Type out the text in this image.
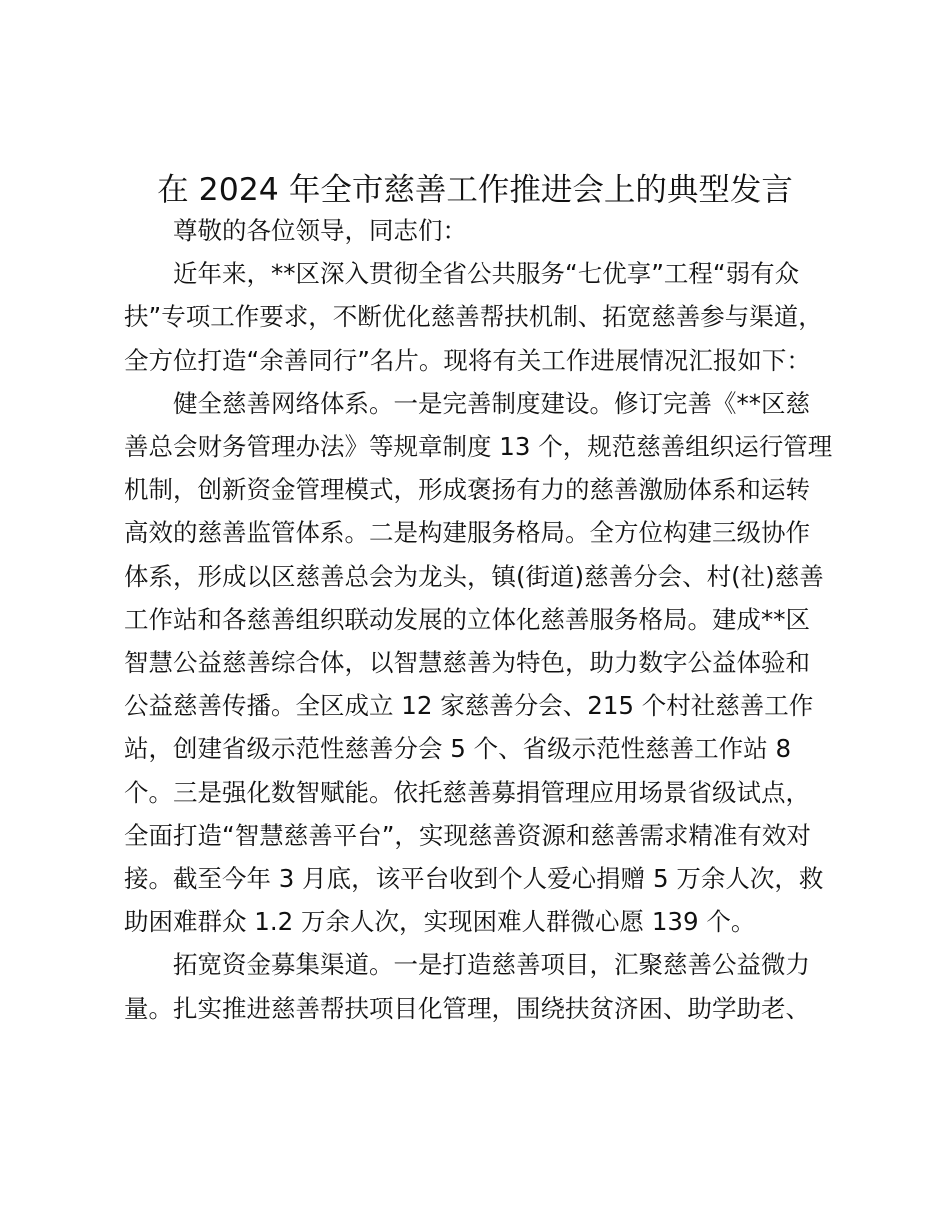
在 2024 年全市慈善工作推进会上的典型发言
尊敬的各位领导，同志们：
近年来，**区深入贯彻全省公共服务“七优享”工程“弱有众
扶”专项工作要求，不断优化慈善帮扶机制、拓宽慈善参与渠道，
全方位打造“余善同行”名片。现将有关工作进展情况汇报如下：
健全慈善网络体系。一是完善制度建设。修订完善《**区慈
善总会财务管理办法》等规章制度 13 个，规范慈善组织运行管理
机制，创新资金管理模式，形成褒扬有力的慈善激励体系和运转
高效的慈善监管体系。二是构建服务格局。全方位构建三级协作
体系，形成以区慈善总会为龙头，镇(街道)慈善分会、村(社)慈善
工作站和各慈善组织联动发展的立体化慈善服务格局。建成**区
智慧公益慈善综合体，以智慧慈善为特色，助力数字公益体验和
公益慈善传播。全区成立 12 家慈善分会、215 个村社慈善工作
站，创建省级示范性慈善分会 5 个、省级示范性慈善工作站 8
个。三是强化数智赋能。依托慈善募捐管理应用场景省级试点，
全面打造“智慧慈善平台”，实现慈善资源和慈善需求精准有效对
接。截至今年 3 月底，该平台收到个人爱心捐赠 5 万余人次，救
助困难群众 1.2 万余人次，实现困难人群微心愿 139 个。
拓宽资金募集渠道。一是打造慈善项目，汇聚慈善公益微力
量。扎实推进慈善帮扶项目化管理，围绕扶贫济困、助学助老、
